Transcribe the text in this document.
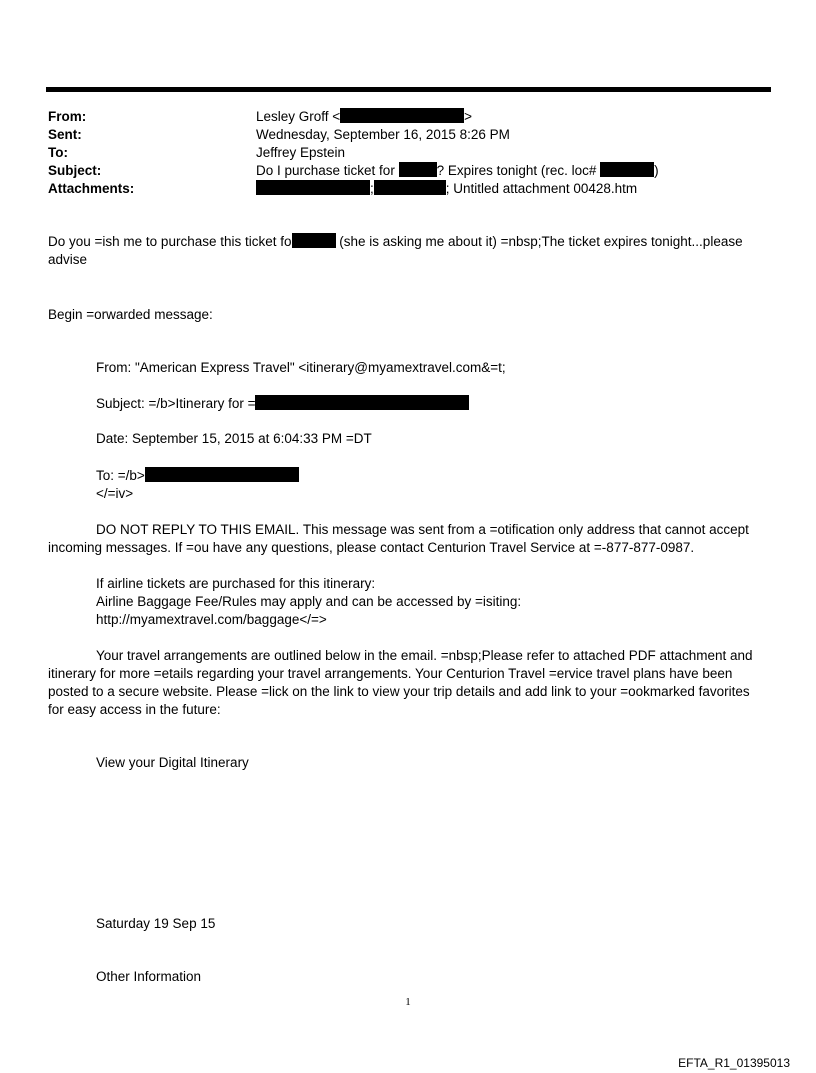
From:	Lesley Groff <	>
Sent:	Wednesday, September 16, 2015 8:26 PM
To:	Jeffrey Epstein
Subject:	Do I purchase ticket for	? Expires tonight (rec. loc#	)
Attachments:	;	; Untitled attachment 00428.htm
Do you =ish me to purchase this ticket fo	(she is asking me about it) =nbsp;The ticket expires tonight...please
advise
Begin =orwarded message:
From: "American Express Travel" <itinerary@myamextravel.com&=t;
Subject: =/b>Itinerary for =
Date: September 15, 2015 at 6:04:33 PM =DT
To: =/b>
</=iv>
DO NOT REPLY TO THIS EMAIL. This message was sent from a =otification only address that cannot accept
incoming messages. If =ou have any questions, please contact Centurion Travel Service at =-877-877-0987.
If airline tickets are purchased for this itinerary:
Airline Baggage Fee/Rules may apply and can be accessed by =isiting:
http://myamextravel.com/baggage</=>
Your travel arrangements are outlined below in the email. =nbsp;Please refer to attached PDF attachment and
itinerary for more =etails regarding your travel arrangements. Your Centurion Travel =ervice travel plans have been
posted to a secure website. Please =lick on the link to view your trip details and add link to your =ookmarked favorites
for easy access in the future:
View your Digital Itinerary
Saturday 19 Sep 15
Other Information
1
EFTA_R1_01395013
